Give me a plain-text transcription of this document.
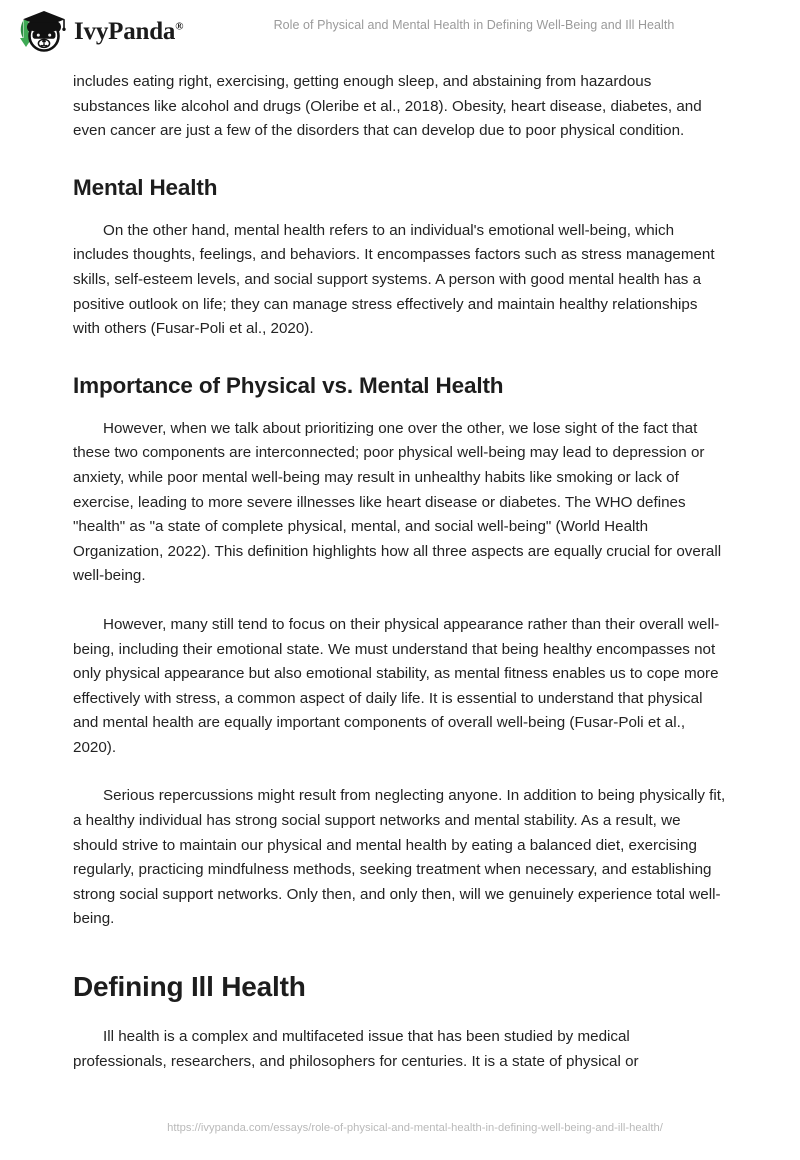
IvyPanda®	Role of Physical and Mental Health in Defining Well-Being and Ill Health

includes eating right, exercising, getting enough sleep, and abstaining from hazardous substances like alcohol and drugs (Oleribe et al., 2018). Obesity, heart disease, diabetes, and even cancer are just a few of the disorders that can develop due to poor physical condition.

Mental Health

On the other hand, mental health refers to an individual's emotional well-being, which includes thoughts, feelings, and behaviors. It encompasses factors such as stress management skills, self-esteem levels, and social support systems. A person with good mental health has a positive outlook on life; they can manage stress effectively and maintain healthy relationships with others (Fusar-Poli et al., 2020).

Importance of Physical vs. Mental Health

However, when we talk about prioritizing one over the other, we lose sight of the fact that these two components are interconnected; poor physical well-being may lead to depression or anxiety, while poor mental well-being may result in unhealthy habits like smoking or lack of exercise, leading to more severe illnesses like heart disease or diabetes. The WHO defines "health" as "a state of complete physical, mental, and social well-being" (World Health Organization, 2022). This definition highlights how all three aspects are equally crucial for overall well-being.

However, many still tend to focus on their physical appearance rather than their overall well-being, including their emotional state. We must understand that being healthy encompasses not only physical appearance but also emotional stability, as mental fitness enables us to cope more effectively with stress, a common aspect of daily life. It is essential to understand that physical and mental health are equally important components of overall well-being (Fusar-Poli et al., 2020).

Serious repercussions might result from neglecting anyone. In addition to being physically fit, a healthy individual has strong social support networks and mental stability. As a result, we should strive to maintain our physical and mental health by eating a balanced diet, exercising regularly, practicing mindfulness methods, seeking treatment when necessary, and establishing strong social support networks. Only then, and only then, will we genuinely experience total well-being.

Defining Ill Health

Ill health is a complex and multifaceted issue that has been studied by medical professionals, researchers, and philosophers for centuries. It is a state of physical or

https://ivypanda.com/essays/role-of-physical-and-mental-health-in-defining-well-being-and-ill-health/
